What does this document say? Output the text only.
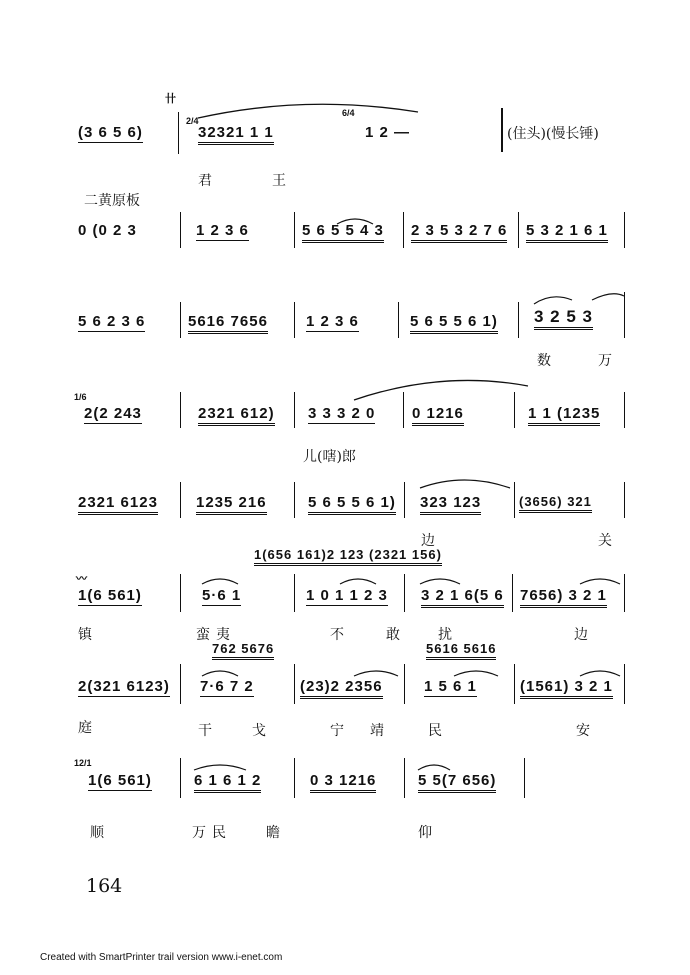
卄
(3 6 5 6)
2/4
32321 1 1
6/4
1 2 —	(住头)(慢长锤)
君	王
二黄原板
0 (0 2 3	1 2 3 6	5 6 5 5 4 3 2 3 5 3 2 7 6 5 3 2 1 6 1
5 6 2 3 6	5616 7656	1 2 3 6	5 6 5 5 6 1) 3 2 5 3
数	万
1/6
2(2 243	2321 612) 3 3 3 2 0 0 1216	1 1 (1235
儿(嗐)郎
2321 6123	1235 216	5 6 5 5 6 1) 323 123	(3656) 321
边	关
1(656 161)2 123 (2321 156)
〰
1(6 561)	5·6 1	1 0 1 1 2 3 3 2 1 6(5 6 7656) 3 2 1
镇	蛮夷	不	敢	扰	边
762 5676	5616 5616
2(321 6123) 7·6 7 2	(23)2 2356	1 5 6 1	(1561) 3 2 1
庭	干	戈	宁 靖	民	安
12/1
1(6 561)	6 1 6 1 2	0 3 1216	5 5(7 656)
顺	万民 瞻	仰
164
Created with SmartPrinter trail version www.i-enet.com
